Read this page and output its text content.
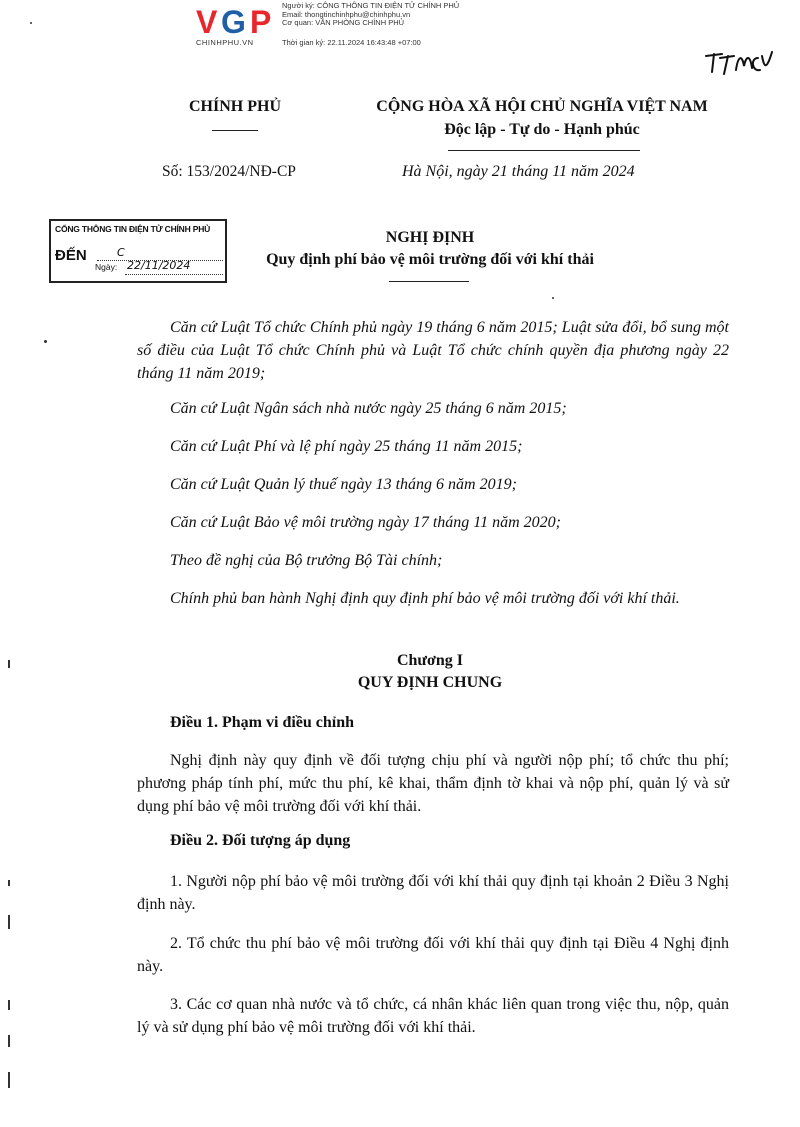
V G P Người ký: CÔNG THÔNG TIN ĐIỆN TỬ CHÍNH PHỦ
Email: thongtinchinhphu@chinhphu.vn
Cơ quan: VĂN PHÒNG CHÍNH PHỦ
CHINHPHU.VN	Thời gian ký: 22.11.2024 16:43:48 +07:00
CHÍNH PHỦ	CỘNG HÒA XÃ HỘI CHỦ NGHĨA VIỆT NAM
Độc lập - Tự do - Hạnh phúc
Số: 153/2024/NĐ-CP	Hà Nội, ngày 21 tháng 11 năm 2024
CỔNG THÔNG TIN ĐIỆN TỬ CHÍNH PHỦ
ĐẾN	C
Ngày: 22/11/2024
NGHỊ ĐỊNH
Quy định phí bảo vệ môi trường đối với khí thải
Căn cứ Luật Tổ chức Chính phủ ngày 19 tháng 6 năm 2015; Luật sửa đổi, bổ sung một số điều của Luật Tổ chức Chính phủ và Luật Tổ chức chính quyền địa phương ngày 22 tháng 11 năm 2019;
Căn cứ Luật Ngân sách nhà nước ngày 25 tháng 6 năm 2015;
Căn cứ Luật Phí và lệ phí ngày 25 tháng 11 năm 2015;
Căn cứ Luật Quản lý thuế ngày 13 tháng 6 năm 2019;
Căn cứ Luật Bảo vệ môi trường ngày 17 tháng 11 năm 2020;
Theo đề nghị của Bộ trưởng Bộ Tài chính;
Chính phủ ban hành Nghị định quy định phí bảo vệ môi trường đối với khí thải.
Chương I
QUY ĐỊNH CHUNG
Điều 1. Phạm vi điều chỉnh
Nghị định này quy định về đối tượng chịu phí và người nộp phí; tổ chức thu phí; phương pháp tính phí, mức thu phí, kê khai, thẩm định tờ khai và nộp phí, quản lý và sử dụng phí bảo vệ môi trường đối với khí thải.
Điều 2. Đối tượng áp dụng
1. Người nộp phí bảo vệ môi trường đối với khí thải quy định tại khoản 2 Điều 3 Nghị định này.
2. Tổ chức thu phí bảo vệ môi trường đối với khí thải quy định tại Điều 4 Nghị định này.
3. Các cơ quan nhà nước và tổ chức, cá nhân khác liên quan trong việc thu, nộp, quản lý và sử dụng phí bảo vệ môi trường đối với khí thải.
